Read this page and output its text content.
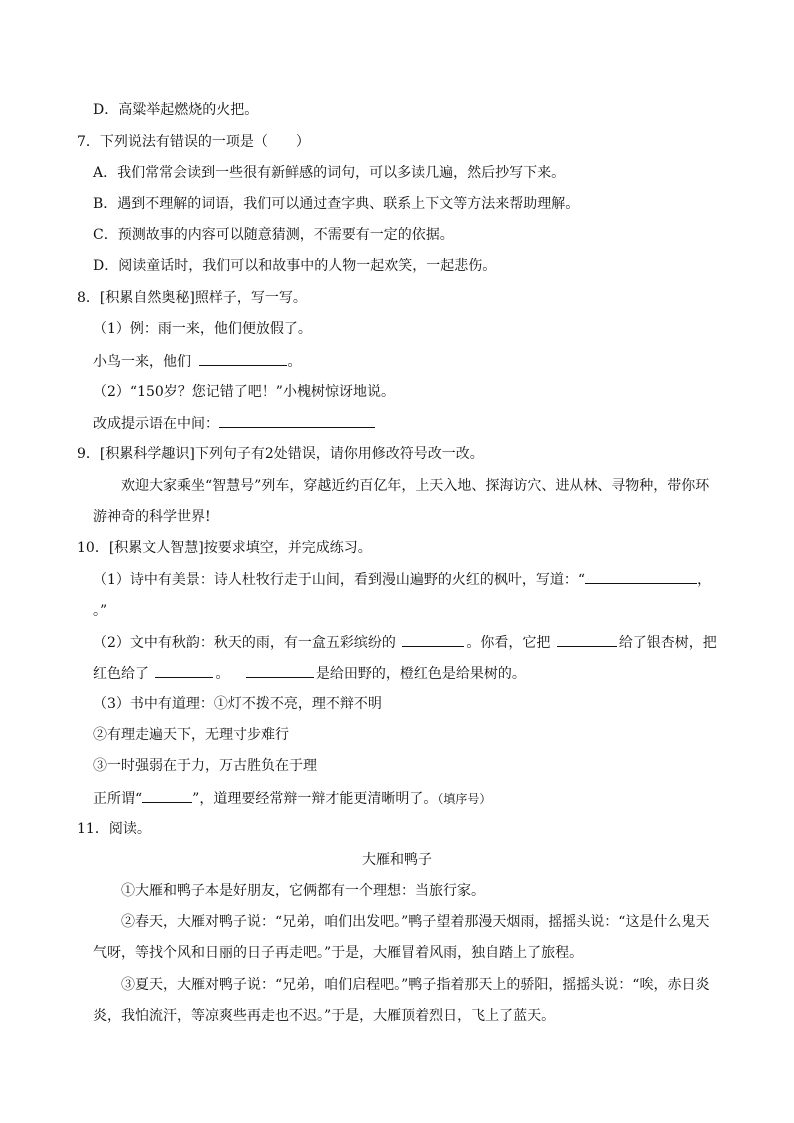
D．高粱举起燃烧的火把。
7．下列说法有错误的一项是（　　）
A．我们常常会读到一些很有新鲜感的词句，可以多读几遍，然后抄写下来。
B．遇到不理解的词语，我们可以通过查字典、联系上下文等方法来帮助理解。
C．预测故事的内容可以随意猜测，不需要有一定的依据。
D．阅读童话时，我们可以和故事中的人物一起欢笑，一起悲伤。
8．[积累自然奥秘]照样子，写一写。
（1）例：雨一来，他们便放假了。
小鸟一来，他们	。
（2）“150岁？您记错了吧！”小槐树惊讶地说。
改成提示语在中间：
9．[积累科学趣识]下列句子有2处错误，请你用修改符号改一改。
欢迎大家乘坐“智慧号”列车，穿越近约百亿年，上天入地、探海访穴、进从林、寻物种，带你环
游神奇的科学世界!
10．[积累文人智慧]按要求填空，并完成练习。
（1）诗中有美景：诗人杜牧行走于山间，看到漫山遍野的火红的枫叶，写道：“	，
。”
（2）文中有秋韵：秋天的雨，有一盒五彩缤纷的	。你看，它把	给了银杏树，把
红色给了	。	是给田野的，橙红色是给果树的。
（3）书中有道理：①灯不拨不亮，理不辩不明
②有理走遍天下，无理寸步难行
③一时强弱在于力，万古胜负在于理
正所谓“	”，道理要经常辩一辩才能更清晰明了。（填序号）
11．阅读。
大雁和鸭子
①大雁和鸭子本是好朋友，它俩都有一个理想：当旅行家。
②春天，大雁对鸭子说：“兄弟，咱们出发吧。”鸭子望着那漫天烟雨，摇摇头说：“这是什么鬼天
气呀，等找个风和日丽的日子再走吧。”于是，大雁冒着风雨，独自踏上了旅程。
③夏天，大雁对鸭子说：“兄弟，咱们启程吧。”鸭子指着那天上的骄阳，摇摇头说：“唉，赤日炎
炎，我怕流汗，等凉爽些再走也不迟。”于是，大雁顶着烈日，飞上了蓝天。
